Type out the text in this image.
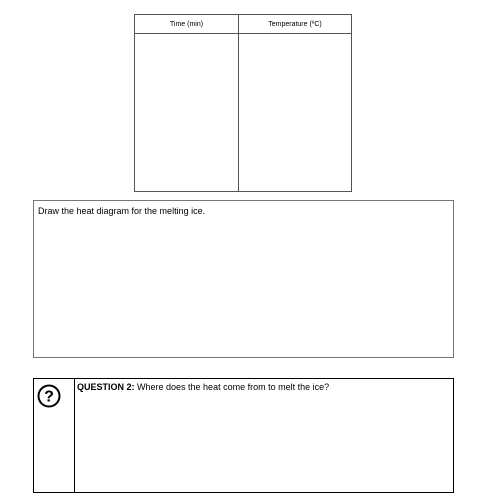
Time (min)	Temperature (ºC)
Draw the heat diagram for the melting ice.
?
QUESTION 2: Where does the heat come from to melt the ice?
